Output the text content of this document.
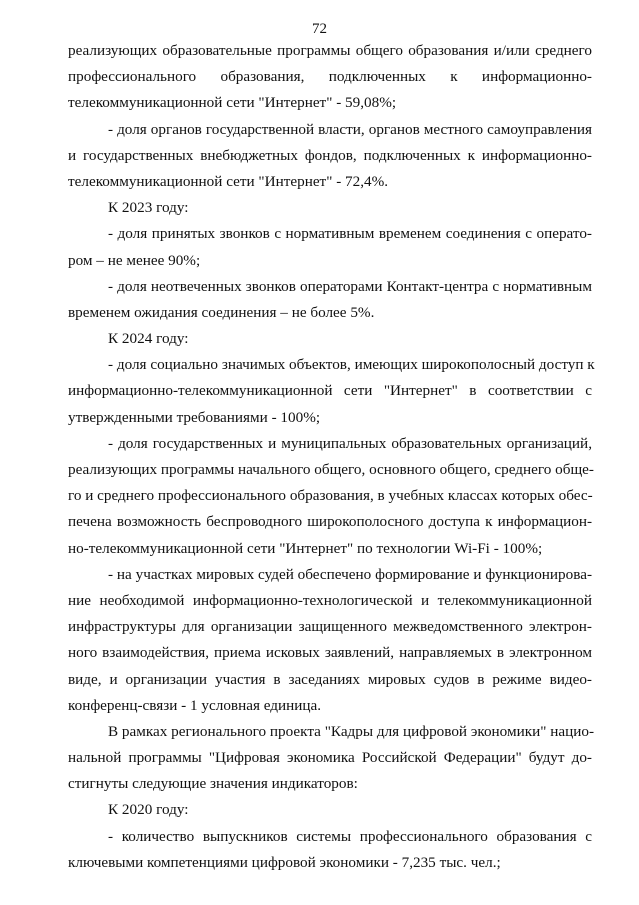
72
реализующих образовательные программы общего образования и/или среднего
профессионального образования, подключенных к информационно-
телекоммуникационной сети "Интернет" - 59,08%;
- доля органов государственной власти, органов местного самоуправления
и государственных внебюджетных фондов, подключенных к информационно-
телекоммуникационной сети "Интернет" - 72,4%.
К 2023 году:
- доля принятых звонков с нормативным временем соединения с операто-
ром – не менее 90%;
- доля неотвеченных звонков операторами Контакт-центра с нормативным
временем ожидания соединения – не более 5%.
К 2024 году:
- доля социально значимых объектов, имеющих широкополосный доступ к
информационно-телекоммуникационной сети "Интернет" в соответствии с
утвержденными требованиями - 100%;
- доля государственных и муниципальных образовательных организаций,
реализующих программы начального общего, основного общего, среднего обще-
го и среднего профессионального образования, в учебных классах которых обес-
печена возможность беспроводного широкополосного доступа к информацион-
но-телекоммуникационной сети "Интернет" по технологии Wi-Fi - 100%;
- на участках мировых судей обеспечено формирование и функционирова-
ние необходимой информационно-технологической и телекоммуникационной
инфраструктуры для организации защищенного межведомственного электрон-
ного взаимодействия, приема исковых заявлений, направляемых в электронном
виде, и организации участия в заседаниях мировых судов в режиме видео-
конференц-связи - 1 условная единица.
В рамках регионального проекта "Кадры для цифровой экономики" нацио-
нальной программы "Цифровая экономика Российской Федерации" будут до-
стигнуты следующие значения индикаторов:
К 2020 году:
- количество выпускников системы профессионального образования с
ключевыми компетенциями цифровой экономики - 7,235 тыс. чел.;
